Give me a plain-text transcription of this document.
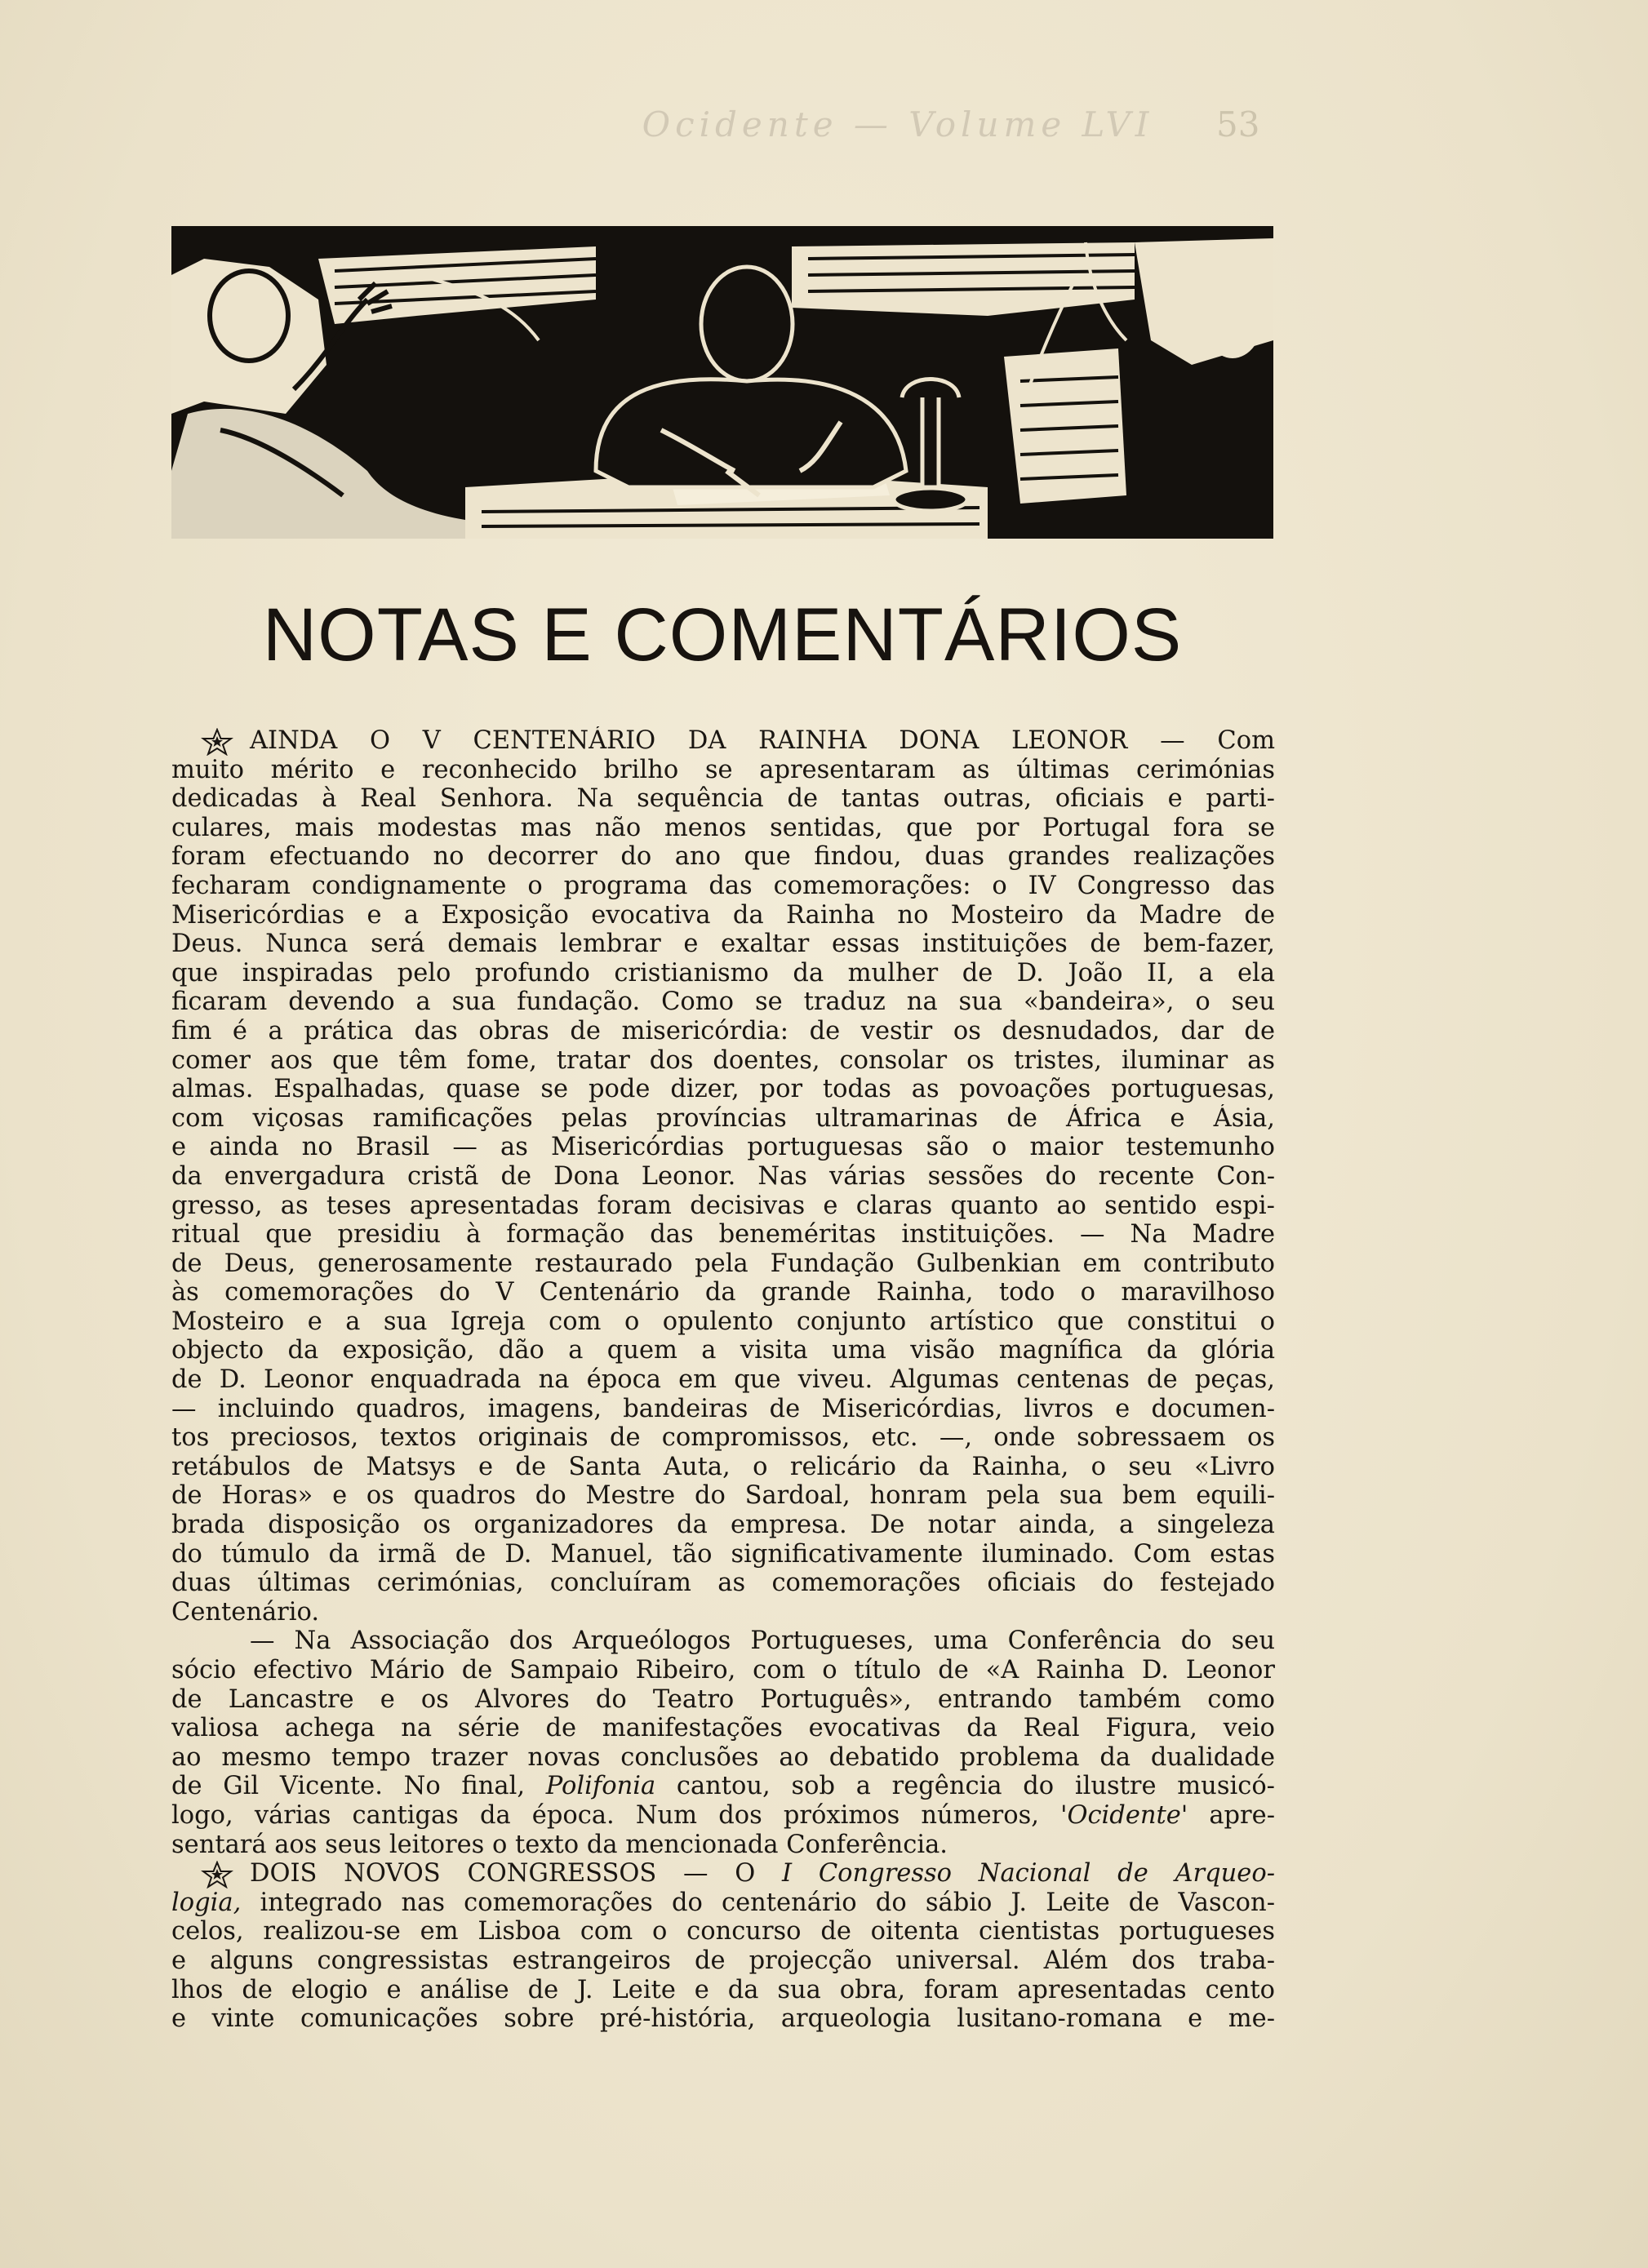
Ocidente — Volume LVI	53
NOTAS E COMENTÁRIOS
AINDA O V CENTENÁRIO DA RAINHA DONA LEONOR — Com
muito mérito e reconhecido brilho se apresentaram as últimas cerimónias
dedicadas à Real Senhora. Na sequência de tantas outras, oficiais e parti-
culares, mais modestas mas não menos sentidas, que por Portugal fora se
foram efectuando no decorrer do ano que findou, duas grandes realizações
fecharam condignamente o programa das comemorações: o IV Congresso das
Misericórdias e a Exposição evocativa da Rainha no Mosteiro da Madre de
Deus. Nunca será demais lembrar e exaltar essas instituições de bem-fazer,
que inspiradas pelo profundo cristianismo da mulher de D. João II, a ela
ficaram devendo a sua fundação. Como se traduz na sua «bandeira», o seu
fim é a prática das obras de misericórdia: de vestir os desnudados, dar de
comer aos que têm fome, tratar dos doentes, consolar os tristes, iluminar as
almas. Espalhadas, quase se pode dizer, por todas as povoações portuguesas,
com viçosas ramificações pelas províncias ultramarinas de África e Ásia,
e ainda no Brasil — as Misericórdias portuguesas são o maior testemunho
da envergadura cristã de Dona Leonor. Nas várias sessões do recente Con-
gresso, as teses apresentadas foram decisivas e claras quanto ao sentido espi-
ritual que presidiu à formação das beneméritas instituições. — Na Madre
de Deus, generosamente restaurado pela Fundação Gulbenkian em contributo
às comemorações do V Centenário da grande Rainha, todo o maravilhoso
Mosteiro e a sua Igreja com o opulento conjunto artístico que constitui o
objecto da exposição, dão a quem a visita uma visão magnífica da glória
de D. Leonor enquadrada na época em que viveu. Algumas centenas de peças,
— incluindo quadros, imagens, bandeiras de Misericórdias, livros e documen-
tos preciosos, textos originais de compromissos, etc. —, onde sobressaem os
retábulos de Matsys e de Santa Auta, o relicário da Rainha, o seu «Livro
de Horas» e os quadros do Mestre do Sardoal, honram pela sua bem equili-
brada disposição os organizadores da empresa. De notar ainda, a singeleza
do túmulo da irmã de D. Manuel, tão significativamente iluminado. Com estas
duas últimas cerimónias, concluíram as comemorações oficiais do festejado
Centenário.
— Na Associação dos Arqueólogos Portugueses, uma Conferência do seu
sócio efectivo Mário de Sampaio Ribeiro, com o título de «A Rainha D. Leonor
de Lancastre e os Alvores do Teatro Português», entrando também como
valiosa achega na série de manifestações evocativas da Real Figura, veio
ao mesmo tempo trazer novas conclusões ao debatido problema da dualidade
de Gil Vicente. No final, Polifonia cantou, sob a regência do ilustre musicó-
logo, várias cantigas da época. Num dos próximos números, 'Ocidente' apre-
sentará aos seus leitores o texto da mencionada Conferência.
DOIS NOVOS CONGRESSOS — O I Congresso Nacional de Arqueo-
logia, integrado nas comemorações do centenário do sábio J. Leite de Vascon-
celos, realizou-se em Lisboa com o concurso de oitenta cientistas portugueses
e alguns congressistas estrangeiros de projecção universal. Além dos traba-
lhos de elogio e análise de J. Leite e da sua obra, foram apresentadas cento
e vinte comunicações sobre pré-história, arqueologia lusitano-romana e me-
